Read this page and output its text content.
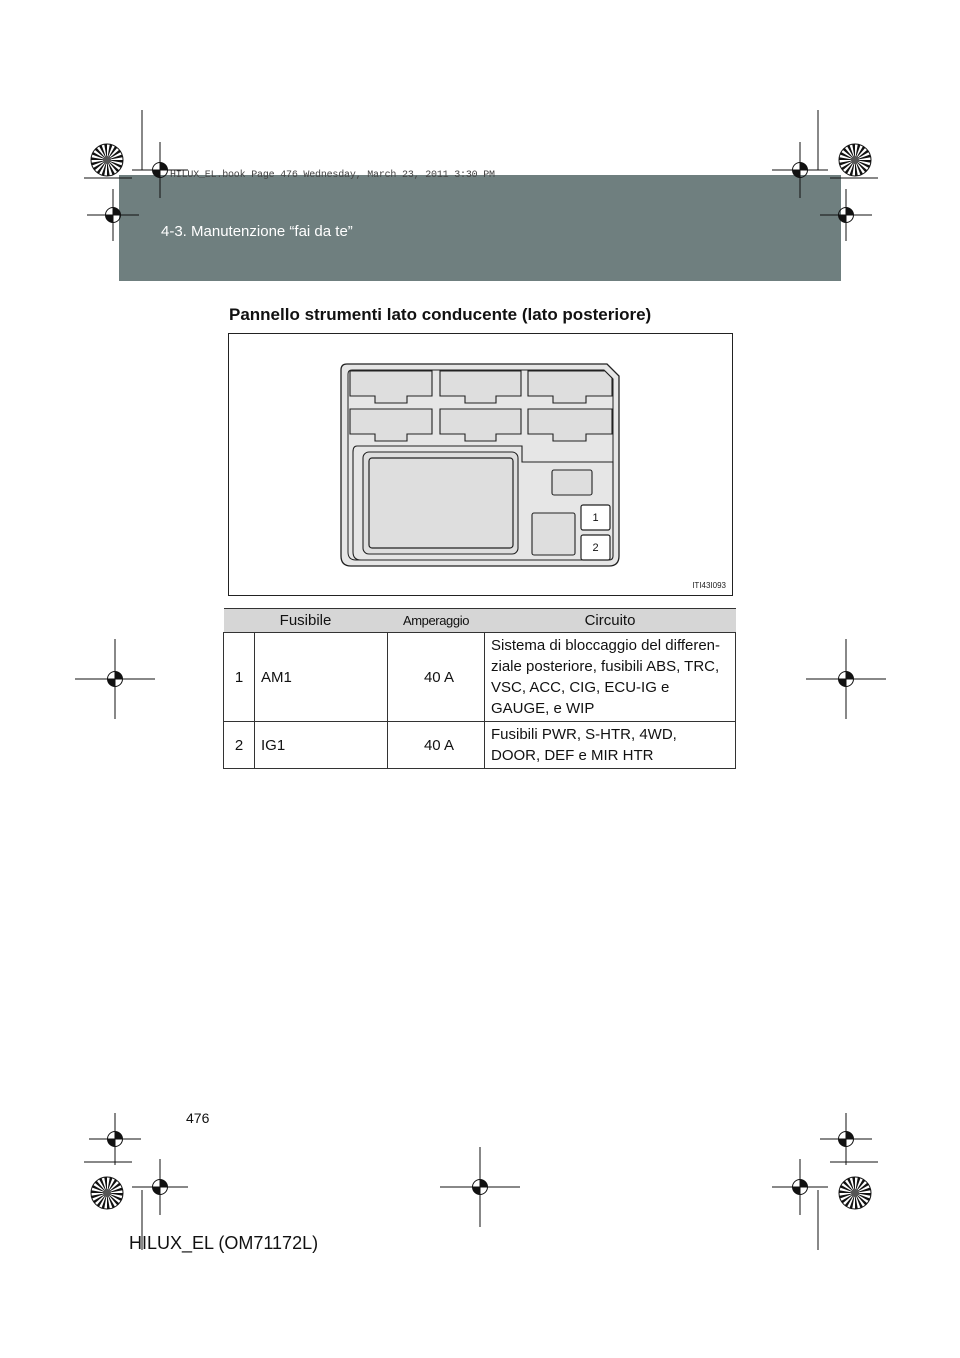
4-3. Manutenzione “fai da te”
HILUX_EL.book Page 476 Wednesday, March 23, 2011 3:30 PM
Pannello strumenti lato conducente (lato posteriore)
1
2
ITI43I093
Fusibile		Amperaggio	Circuito
1	AM1	40 A	Sistema di bloccaggio del differen-ziale posteriore, fusibili ABS, TRC, VSC, ACC, CIG, ECU-IG e GAUGE, e WIP
2	IG1	40 A	Fusibili PWR, S-HTR, 4WD, DOOR, DEF e MIR HTR
476
HILUX_EL (OM71172L)
